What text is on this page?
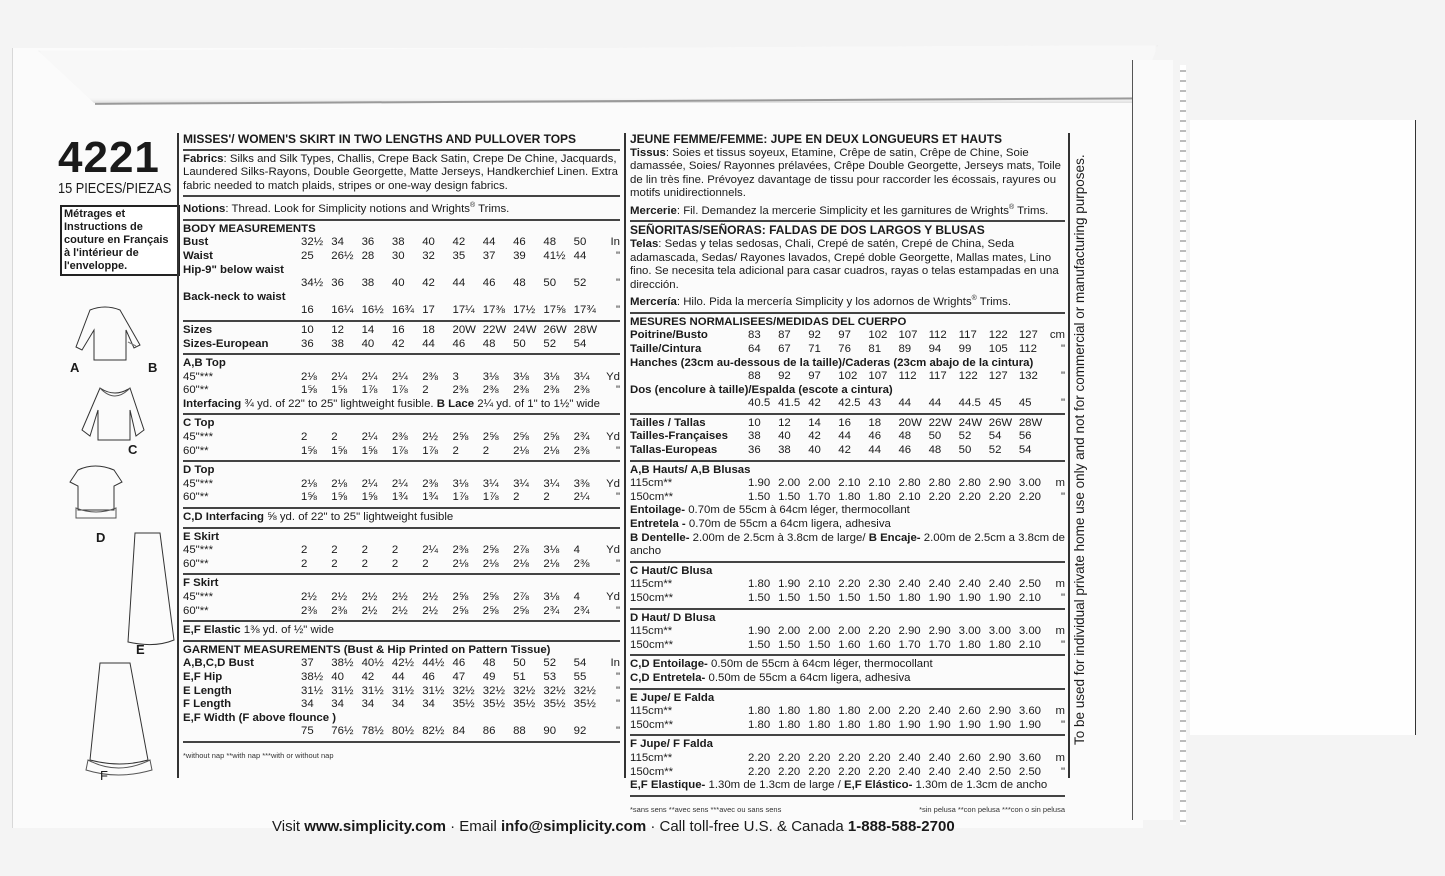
4221
15 PIECES/PIEZAS
Métrages et Instructions de couture en Français à l'intérieur de l'enveloppe.
A	B
C
D
E
F
MISSES'/ WOMEN'S SKIRT IN TWO LENGTHS AND PULLOVER TOPS

Fabrics: Silks and Silk Types, Challis, Crepe Back Satin, Crepe De Chine, Jacquards, Laundered Silks-Rayons, Double Georgette, Matte Jerseys, Handkerchief Linen. Extra fabric needed to match plaids, stripes or one-way design fabrics.

Notions: Thread. Look for Simplicity notions and Wrights® Trims.

BODY MEASUREMENTS
Bust	32½	34	36	38	40	42	44	46	48	50	In
Waist	25	26½	28	30	32	35	37	39	41½	44	"
Hip-9" below waist											
	34½	36	38	40	42	44	46	48	50	52	"
Back-neck to waist											
	16	16¼	16½	16¾	17	17¼	17⅜	17½	17⅝	17¾	"
Sizes	10	12	14	16	18	20W	22W	24W	26W	28W	
Sizes-European	36	38	40	42	44	46	48	50	52	54	
A,B Top
45"***	2⅛	2¼	2¼	2¼	2⅜	3	3⅛	3⅛	3⅛	3¼	Yd
60"**	1⅝	1⅝	1⅞	1⅞	2	2⅜	2⅜	2⅜	2⅜	2⅜	"
Interfacing ¾ yd. of 22" to 25" lightweight fusible. B Lace 2¼ yd. of 1" to 1½" wide
C Top
45"***	2	2	2¼	2⅜	2½	2⅝	2⅝	2⅝	2⅝	2¾	Yd
60"**	1⅝	1⅝	1⅝	1⅞	1⅞	2	2	2⅛	2⅛	2⅜	"
D Top
45"***	2⅛	2⅛	2¼	2¼	2⅜	3⅛	3¼	3¼	3¼	3⅜	Yd
60"**	1⅝	1⅝	1⅝	1¾	1¾	1⅞	1⅞	2	2	2¼	"
C,D Interfacing ⅝ yd. of 22" to 25" lightweight fusible
E Skirt
45"***	2	2	2	2	2¼	2⅜	2⅝	2⅞	3⅛	4	Yd
60"**	2	2	2	2	2	2⅛	2⅛	2⅛	2⅛	2⅜	"
F Skirt
45"***	2½	2½	2½	2½	2½	2⅝	2⅝	2⅞	3⅛	4	Yd
60"**	2⅜	2⅜	2½	2½	2½	2⅝	2⅝	2⅝	2¾	2¾	"
E,F Elastic 1⅜ yd. of ½" wide
GARMENT MEASUREMENTS (Bust & Hip Printed on Pattern Tissue)
A,B,C,D Bust	37	38½	40½	42½	44½	46	48	50	52	54	In
E,F Hip	38½	40	42	44	46	47	49	51	53	55	"
E Length	31½	31½	31½	31½	31½	32½	32½	32½	32½	32½	"
F Length	34	34	34	34	34	35½	35½	35½	35½	35½	"
E,F Width (F above flounce )											
	75	76½	78½	80½	82½	84	86	88	90	92	"
*without nap **with nap ***with or without nap
JEUNE FEMME/FEMME: JUPE EN DEUX LONGUEURS ET HAUTS

Tissus: Soies et tissus soyeux, Etamine, Crêpe de satin, Crêpe de Chine, Soie damassée, Soies/ Rayonnes prélavées, Crêpe Double Georgette, Jerseys mats, Toile de lin très fine. Prévoyez davantage de tissu pour raccorder les écossais, rayures ou motifs unidirectionnels.

Mercerie: Fil. Demandez la mercerie Simplicity et les garnitures de Wrights® Trims.

SEÑORITAS/SEÑORAS: FALDAS DE DOS LARGOS Y BLUSAS

Telas: Sedas y telas sedosas, Chali, Crepé de satén, Crepé de China, Seda adamascada, Sedas/ Rayones lavados, Crepé doble Georgette, Mallas mates, Lino fino. Se necesita tela adicional para casar cuadros, rayas o telas estampadas en una dirección.

Mercería: Hilo. Pida la mercería Simplicity y los adornos de Wrights® Trims.

MESURES NORMALISEES/MEDIDAS DEL CUERPO
Poitrine/Busto	83	87	92	97	102	107	112	117	122	127	cm
Taille/Cintura	64	67	71	76	81	89	94	99	105	112	"
Hanches (23cm au-dessous de la taille)/Caderas (23cm abajo de la cintura)											
	88	92	97	102	107	112	117	122	127	132	"
Dos (encolure à taille)/Espalda (escote a cintura)											
	40.5	41.5	42	42.5	43	44	44	44.5	45	45	"
Tailles / Tallas	10	12	14	16	18	20W	22W	24W	26W	28W	
Tailles-Françaises	38	40	42	44	46	48	50	52	54	56	
Tallas-Europeas	36	38	40	42	44	46	48	50	52	54	
A,B Hauts/ A,B Blusas
115cm**	1.90	2.00	2.00	2.10	2.10	2.80	2.80	2.80	2.90	3.00	m
150cm**	1.50	1.50	1.70	1.80	1.80	2.10	2.20	2.20	2.20	2.20	"
Entoilage- 0.70m de 55cm à 64cm léger, thermocollant
Entretela - 0.70m de 55cm a 64cm ligera, adhesiva
B Dentelle- 2.00m de 2.5cm à 3.8cm de large/ B Encaje- 2.00m de 2.5cm a 3.8cm de ancho
C Haut/C Blusa
115cm**	1.80	1.90	2.10	2.20	2.30	2.40	2.40	2.40	2.40	2.50	m
150cm**	1.50	1.50	1.50	1.50	1.50	1.80	1.90	1.90	1.90	2.10	"
D Haut/ D Blusa
115cm**	1.90	2.00	2.00	2.00	2.20	2.90	2.90	3.00	3.00	3.00	m
150cm**	1.50	1.50	1.50	1.60	1.60	1.70	1.70	1.80	1.80	2.10	"
C,D Entoilage- 0.50m de 55cm à 64cm léger, thermocollant
C,D Entretela- 0.50m de 55cm a 64cm ligera, adhesiva
E Jupe/ E Falda
115cm**	1.80	1.80	1.80	1.80	2.00	2.20	2.40	2.60	2.90	3.60	m
150cm**	1.80	1.80	1.80	1.80	1.80	1.90	1.90	1.90	1.90	1.90	"
F Jupe/ F Falda
115cm**	2.20	2.20	2.20	2.20	2.20	2.40	2.40	2.60	2.90	3.60	m
150cm**	2.20	2.20	2.20	2.20	2.20	2.40	2.40	2.40	2.50	2.50	"
E,F Elastique- 1.30m de 1.3cm de large / E,F Elástico- 1.30m de 1.3cm de ancho
*sans sens **avec sens ***avec ou sans sens	*sin pelusa **con pelusa ***con o sin pelusa
To be used for individual private home use only and not for commercial or manufacturing purposes.
Visit www.simplicity.com · Email info@simplicity.com · Call toll-free U.S. & Canada 1-888-588-2700
